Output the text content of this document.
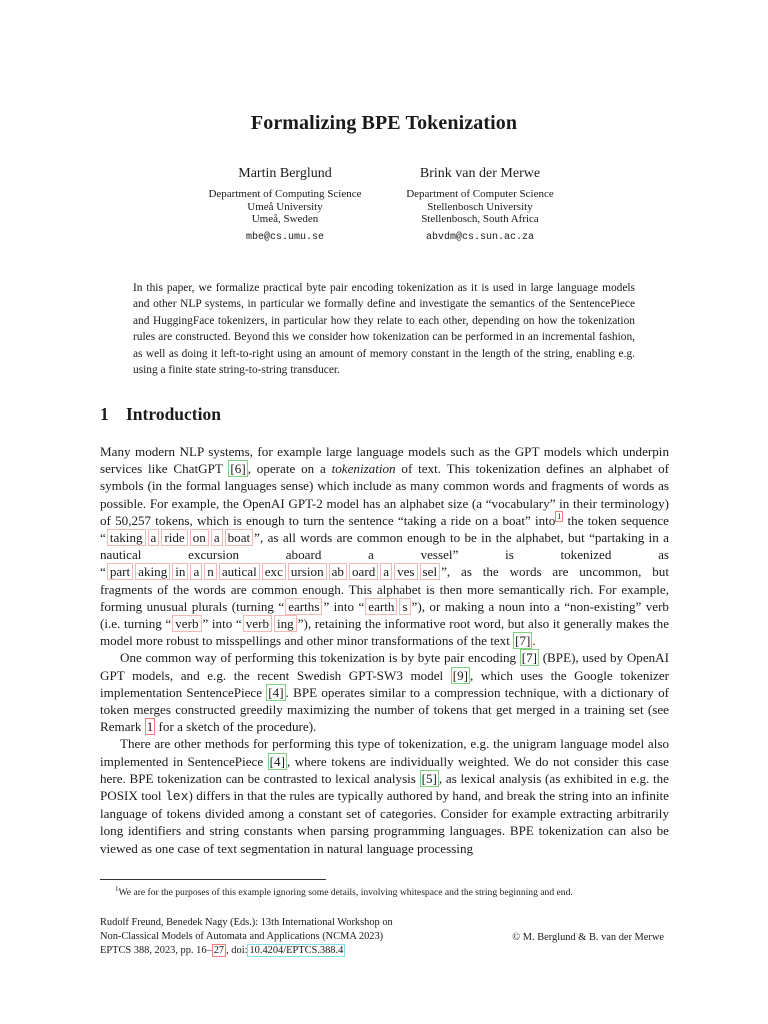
Formalizing BPE Tokenization
Martin Berglund
Department of Computing Science
Umeå University
Umeå, Sweden
mbe@cs.umu.se
Brink van der Merwe
Department of Computer Science
Stellenbosch University
Stellenbosch, South Africa
abvdm@cs.sun.ac.za
In this paper, we formalize practical byte pair encoding tokenization as it is used in large language models and other NLP systems, in particular we formally define and investigate the semantics of the SentencePiece and HuggingFace tokenizers, in particular how they relate to each other, depending on how the tokenization rules are constructed. Beyond this we consider how tokenization can be performed in an incremental fashion, as well as doing it left-to-right using an amount of memory constant in the length of the string, enabling e.g. using a finite state string-to-string transducer.
1 Introduction

Many modern NLP systems, for example large language models such as the GPT models which underpin services like ChatGPT [6] , operate on a tokenization of text. This tokenization defines an alphabet of symbols (in the formal languages sense) which include as many common words and fragments of words as possible. For example, the OpenAI GPT-2 model has an alphabet size (a “vocabulary” in their terminology) of 50,257 tokens, which is enough to turn the sentence “taking a ride on a boat” into $^1$ the token sequence “ taking a ride on a boat ”, as all words are common enough to be in the alphabet, but “partaking in a nautical excursion aboard a vessel” is tokenized as “ part aking in a n autical exc ursion ab oard a ves sel ”, as the words are uncommon, but fragments of the words are common enough. This alphabet is then more semantically rich. For example, forming unusual plurals (turning “ earths ” into “ earth s ”), or making a noun into a “non-existing” verb (i.e. turning “ verb ” into “ verb ing ”), retaining the informative root word, but also it generally makes the model more robust to misspellings and other minor transformations of the text [7] .

One common way of performing this tokenization is by byte pair encoding [7] (BPE), used by OpenAI GPT models, and e.g. the recent Swedish GPT-SW3 model [9] , which uses the Google tokenizer implementation SentencePiece [4] . BPE operates similar to a compression technique, with a dictionary of token merges constructed greedily maximizing the number of tokens that get merged in a training set (see Remark 1 for a sketch of the procedure).

There are other methods for performing this type of tokenization, e.g. the unigram language model also implemented in SentencePiece [4] , where tokens are individually weighted. We do not consider this case here. BPE tokenization can be contrasted to lexical analysis [5] , as lexical analysis (as exhibited in e.g. the POSIX tool lex) differs in that the rules are typically authored by hand, and break the string into an infinite language of tokens divided among a constant set of categories. Consider for example extracting arbitrarily long identifiers and string constants when parsing programming languages. BPE tokenization can also be viewed as one case of text segmentation in natural language processing

$^1$We are for the purposes of this example ignoring some details, involving whitespace and the string beginning and end.
Rudolf Freund, Benedek Nagy (Eds.): 13th International Workshop on
Non-Classical Models of Automata and Applications (NCMA 2023)
EPTCS 388, 2023, pp. 16– 27 , doi: 10.4204/EPTCS.388.4
© M. Berglund & B. van der Merwe
